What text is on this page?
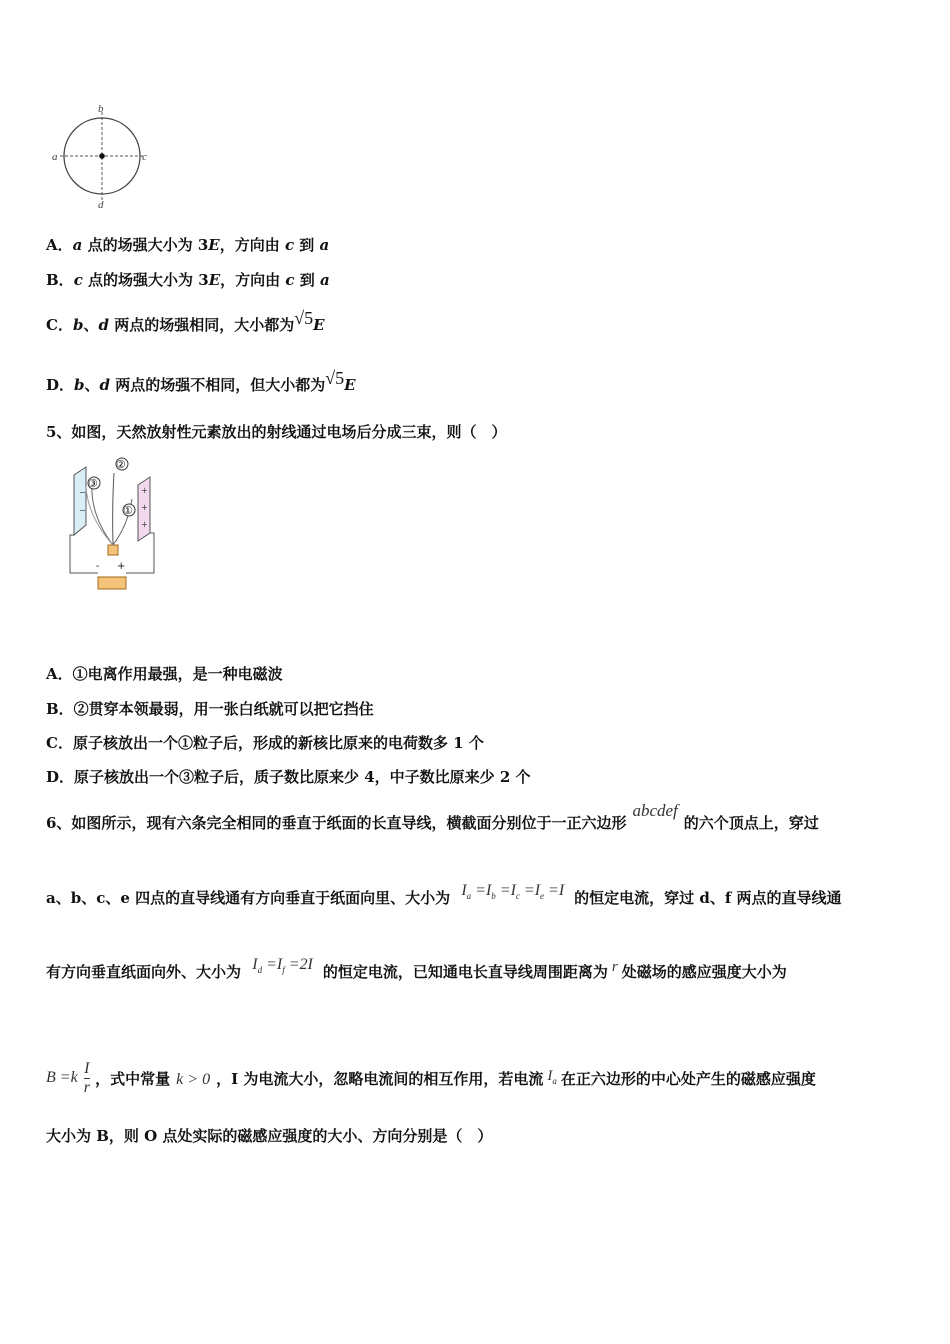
a
b
c
d
A．a 点的场强大小为 3E，方向由 c 到 a
B．c 点的场强大小为 3E，方向由 c 到 a
C．b、d 两点的场强相同，大小都为√5E
D．b、d 两点的场强不相同，但大小都为√5E
5、如图，天然放射性元素放出的射线通过电场后分成三束，则（　）
−
−
+
+
+
②
③
①
- +
A．①电离作用最强，是一种电磁波
B．②贯穿本领最弱，用一张白纸就可以把它挡住
C．原子核放出一个①粒子后，形成的新核比原来的电荷数多 1 个
D．原子核放出一个③粒子后，质子数比原来少 4，中子数比原来少 2 个
6、如图所示，现有六条完全相同的垂直于纸面的长直导线，横截面分别位于一正六边形abcdef的六个顶点上，穿过
a、b、c、e 四点的直导线通有方向垂直于纸面向里、大小为 $I_a =I_b =I_c =I_e =I$ 的恒定电流，穿过 d、f 两点的直导线通
有方向垂直纸面向外、大小为 $I_d =I_f =2I$ 的恒定电流，已知通电长直导线周围距离为 r 处磁场的感应强度大小为
$B =k \frac{I}{r}$ ，式中常量 k > 0 ，I 为电流大小，忽略电流间的相互作用，若电流 $I_a$ 在正六边形的中心处产生的磁感应强度
大小为 B，则 O 点处实际的磁感应强度的大小、方向分别是（　）
